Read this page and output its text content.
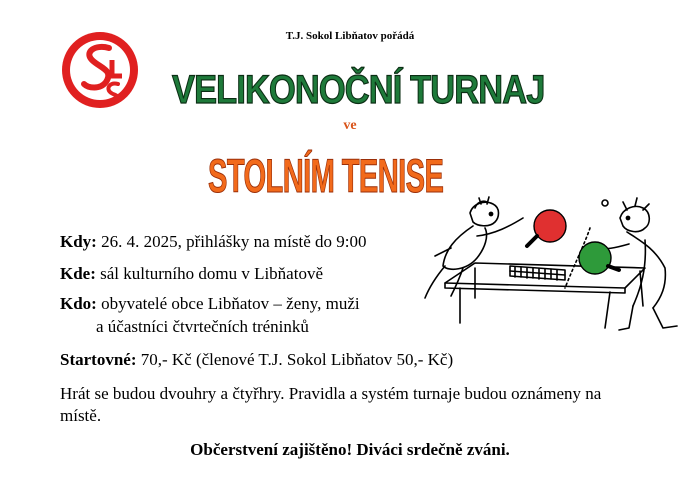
T.J. Sokol Libňatov pořádá
VELIKONOČNÍ TURNAJ
ve
STOLNÍM TENISE
Kdy: 26. 4. 2025, přihlášky na místě do 9:00
Kde: sál kulturního domu v Libňatově
Kdo: obyvatelé obce Libňatov – ženy, muži
a účastníci čtvrtečních tréninků
Startovné: 70,- Kč (členové T.J. Sokol Libňatov 50,- Kč)
Hrát se budou dvouhry a čtyřhry. Pravidla a systém turnaje budou oznámeny na místě.
Občerstvení zajištěno! Diváci srdečně zváni.
